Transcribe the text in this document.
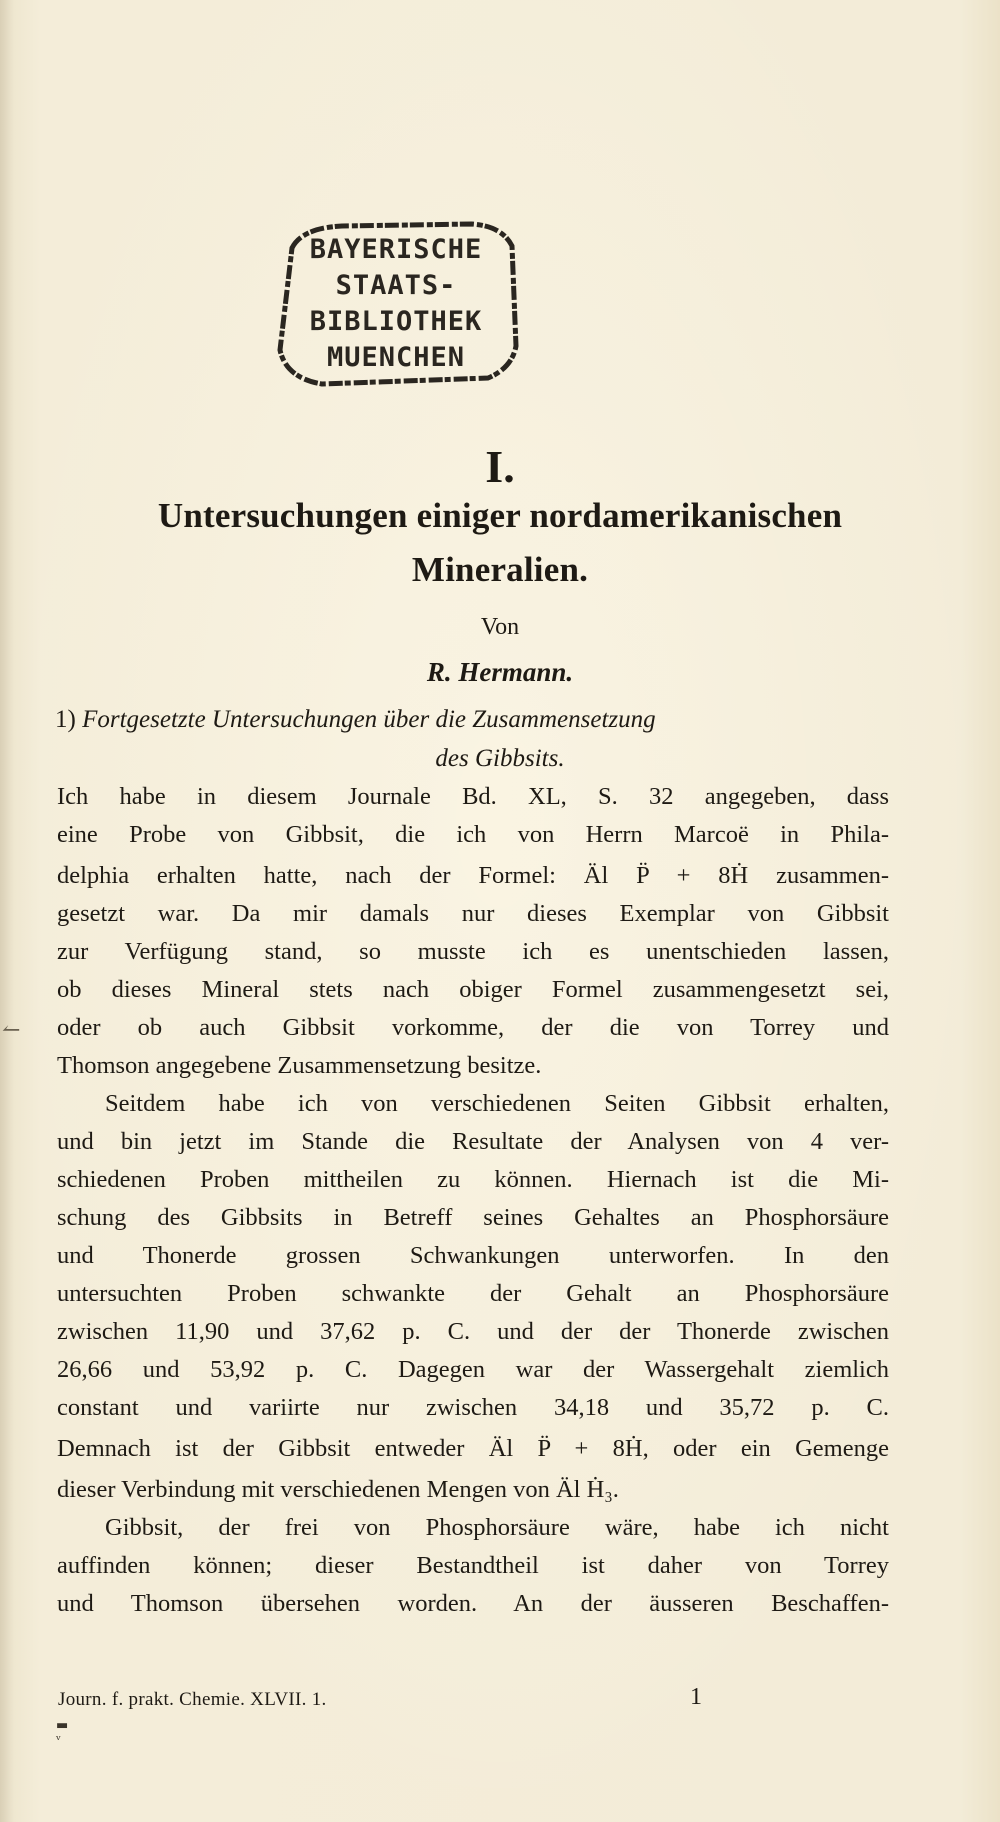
↼
BAYERISCHE
STAATS-
BIBLIOTHEK
MUENCHEN
I.
Untersuchungen einiger nordamerikanischen
Mineralien.
Von
R. Hermann.
1) Fortgesetzte Untersuchungen über die Zusammensetzung
des Gibbsits.
Ich habe in diesem Journale Bd. XL, S. 32 angegeben, dass
eine Probe von Gibbsit, die ich von Herrn Marcoë in Phila-
delphia erhalten hatte, nach der Formel: Äl P̈ + 8Ḣ zusammen-
gesetzt war. Da mir damals nur dieses Exemplar von Gibbsit
zur Verfügung stand, so musste ich es unentschieden lassen,
ob dieses Mineral stets nach obiger Formel zusammengesetzt sei,
oder ob auch Gibbsit vorkomme, der die von Torrey und
Thomson angegebene Zusammensetzung besitze.
Seitdem habe ich von verschiedenen Seiten Gibbsit erhalten,
und bin jetzt im Stande die Resultate der Analysen von 4 ver-
schiedenen Proben mittheilen zu können. Hiernach ist die Mi-
schung des Gibbsits in Betreff seines Gehaltes an Phosphorsäure
und Thonerde grossen Schwankungen unterworfen. In den
untersuchten Proben schwankte der Gehalt an Phosphorsäure
zwischen 11,90 und 37,62 p. C. und der der Thonerde zwischen
26,66 und 53,92 p. C. Dagegen war der Wassergehalt ziemlich
constant und variirte nur zwischen 34,18 und 35,72 p. C.
Demnach ist der Gibbsit entweder Äl P̈ + 8Ḣ, oder ein Gemenge
dieser Verbindung mit verschiedenen Mengen von Äl Ḣ₃.
Gibbsit, der frei von Phosphorsäure wäre, habe ich nicht
auffinden können; dieser Bestandtheil ist daher von Torrey
und Thomson übersehen worden. An der äusseren Beschaffen-
Journ. f. prakt. Chemie. XLVII. 1.	1
▬
ᵛ
